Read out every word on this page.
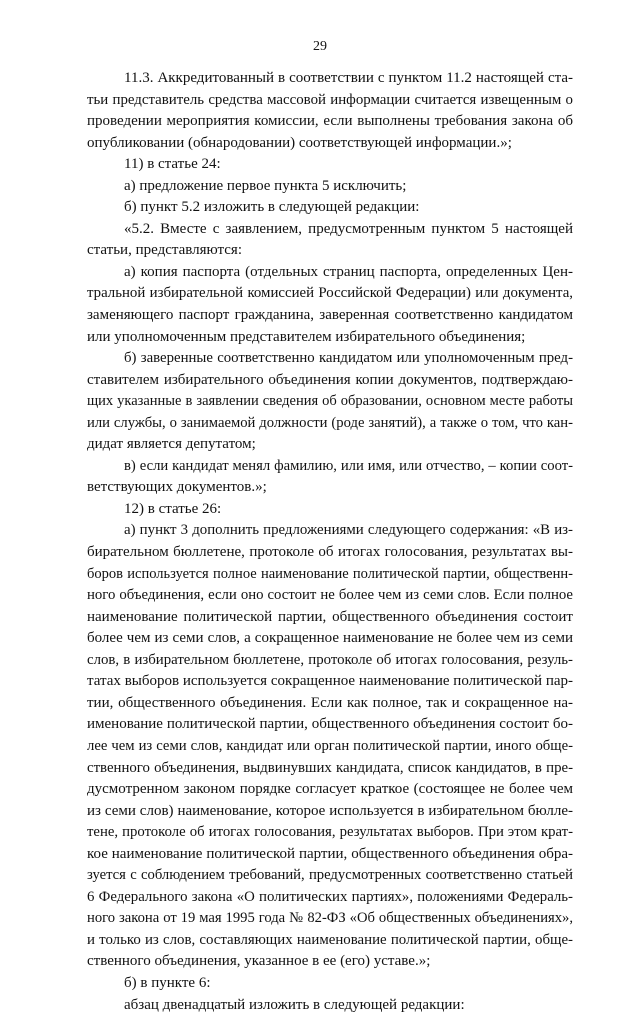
29
11.3. Аккредитованный в соответствии с пунктом 11.2 настоящей ста-
тьи представитель средства массовой информации считается извещенным о
проведении мероприятия комиссии, если выполнены требования закона об
опубликовании (обнародовании) соответствующей информации.»;
11) в статье 24:
а) предложение первое пункта 5 исключить;
б) пункт 5.2 изложить в следующей редакции:
«5.2. Вместе с заявлением, предусмотренным пунктом 5 настоящей
статьи, представляются:
а) копия паспорта (отдельных страниц паспорта, определенных Цен-
тральной избирательной комиссией Российской Федерации) или документа,
заменяющего паспорт гражданина, заверенная соответственно кандидатом
или уполномоченным представителем избирательного объединения;
б) заверенные соответственно кандидатом или уполномоченным пред-
ставителем избирательного объединения копии документов, подтверждаю-
щих указанные в заявлении сведения об образовании, основном месте работы
или службы, о занимаемой должности (роде занятий), а также о том, что кан-
дидат является депутатом;
в) если кандидат менял фамилию, или имя, или отчество, – копии соот-
ветствующих документов.»;
12) в статье 26:
а) пункт 3 дополнить предложениями следующего содержания: «В из-
бирательном бюллетене, протоколе об итогах голосования, результатах вы-
боров используется полное наименование политической партии, общественн-
ного объединения, если оно состоит не более чем из семи слов. Если полное
наименование политической партии, общественного объединения состоит
более чем из семи слов, а сокращенное наименование не более чем из семи
слов, в избирательном бюллетене, протоколе об итогах голосования, резуль-
татах выборов используется сокращенное наименование политической пар-
тии, общественного объединения. Если как полное, так и сокращенное на-
именование политической партии, общественного объединения состоит бо-
лее чем из семи слов, кандидат или орган политической партии, иного обще-
ственного объединения, выдвинувших кандидата, список кандидатов, в пре-
дусмотренном законом порядке согласует краткое (состоящее не более чем
из семи слов) наименование, которое используется в избирательном бюлле-
тене, протоколе об итогах голосования, результатах выборов. При этом крат-
кое наименование политической партии, общественного объединения обра-
зуется с соблюдением требований, предусмотренных соответственно статьей
6 Федерального закона «О политических партиях», положениями Федераль-
ного закона от 19 мая 1995 года № 82-ФЗ «Об общественных объединениях»,
и только из слов, составляющих наименование политической партии, обще-
ственного объединения, указанное в ее (его) уставе.»;
б) в пункте 6:
абзац двенадцатый изложить в следующей редакции:
